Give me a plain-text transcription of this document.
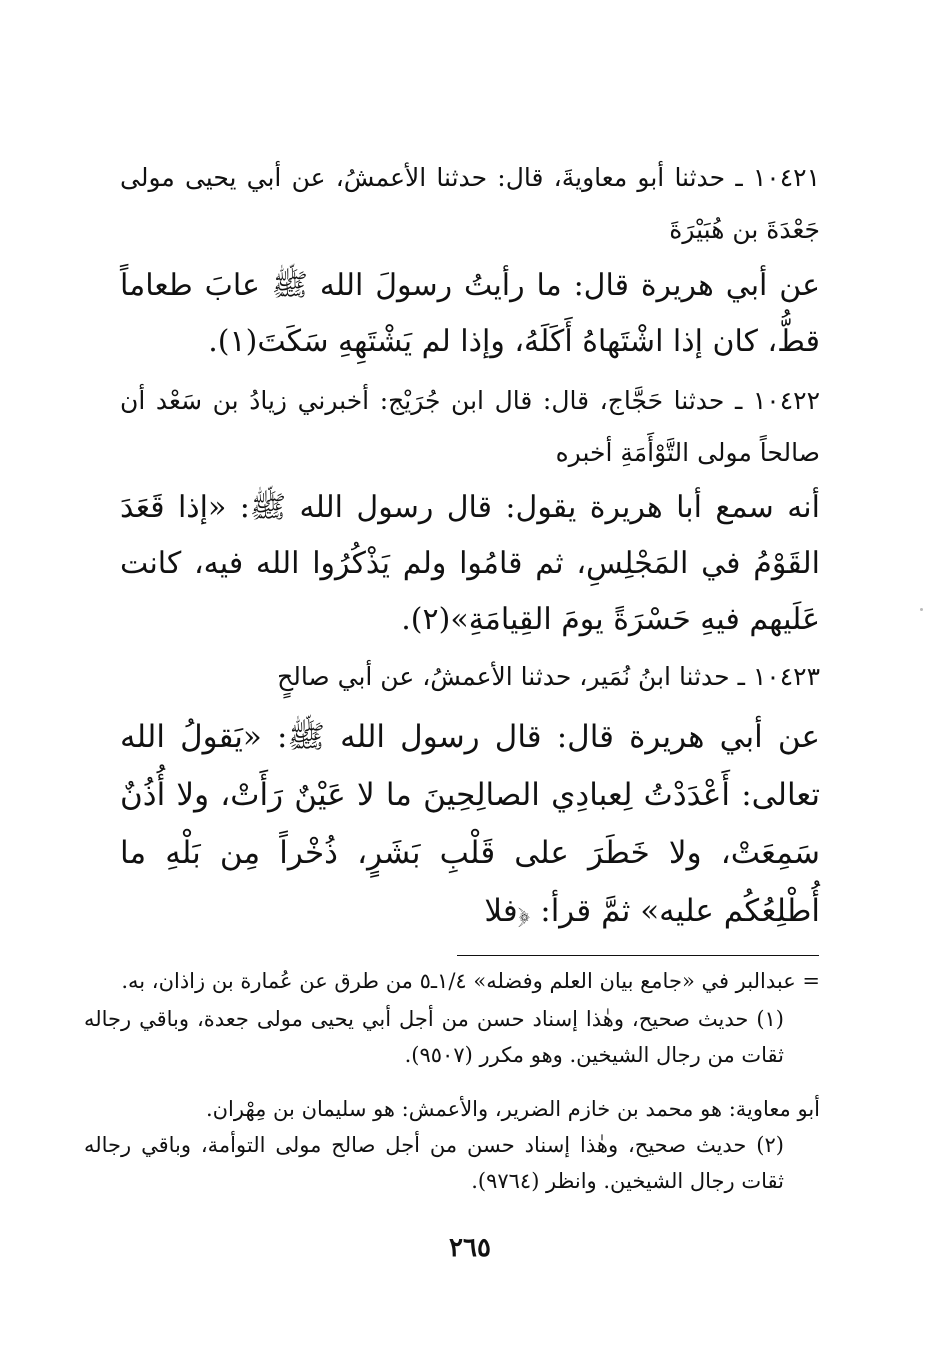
١٠٤٢١ ـ حدثنا أبو معاويةَ، قال: حدثنا الأعمشُ، عن أبي يحيى مولى جَعْدَةَ بن هُبَيْرَةَ
عن أبي هريرة قال: ما رأيتُ رسولَ الله ﷺ عابَ طعاماً قطُّ، كان إذا اشْتَهاهُ أَكَلَهُ، وإذا لم يَشْتَهِهِ سَكَتَ(١).
١٠٤٢٢ ـ حدثنا حَجَّاج، قال: قال ابن جُرَيْج: أخبرني زيادُ بن سَعْد أن صالحاً مولى التَّوْأَمَةِ أخبره
أنه سمع أبا هريرة يقول: قال رسول الله ﷺ: «إذا قَعَدَ القَوْمُ في المَجْلِسِ، ثم قامُوا ولم يَذْكُرُوا الله فيه، كانت عَلَيهم فيهِ حَسْرَةً يومَ القِيامَةِ»(٢).
١٠٤٢٣ ـ حدثنا ابنُ نُمَير، حدثنا الأعمشُ، عن أبي صالحٍ
عن أبي هريرة قال: قال رسول الله ﷺ: «يَقولُ الله تعالى: أَعْدَدْتُ لِعبادِي الصالِحِينَ ما لا عَيْنٌ رَأَتْ، ولا أُذُنٌ سَمِعَتْ، ولا خَطَرَ على قَلْبِ بَشَرٍ، ذُخْراً مِن بَلْهِ ما أُطْلِعُكُم عليه» ثمَّ قرأ: ﴿فلا
= عبدالبر في «جامع بيان العلم وفضله» ١/٤ـ٥ من طرق عن عُمارة بن زاذان، به.
(١) حديث صحيح، وهٰذا إسناد حسن من أجل أبي يحيى مولى جعدة، وباقي رجاله ثقات من رجال الشيخين. وهو مكرر (٩٥٠٧).
أبو معاوية: هو محمد بن خازم الضرير، والأعمش: هو سليمان بن مِهْران.
(٢) حديث صحيح، وهٰذا إسناد حسن من أجل صالح مولى التوأمة، وباقي رجاله ثقات رجال الشيخين. وانظر (٩٧٦٤).
٢٦٥
